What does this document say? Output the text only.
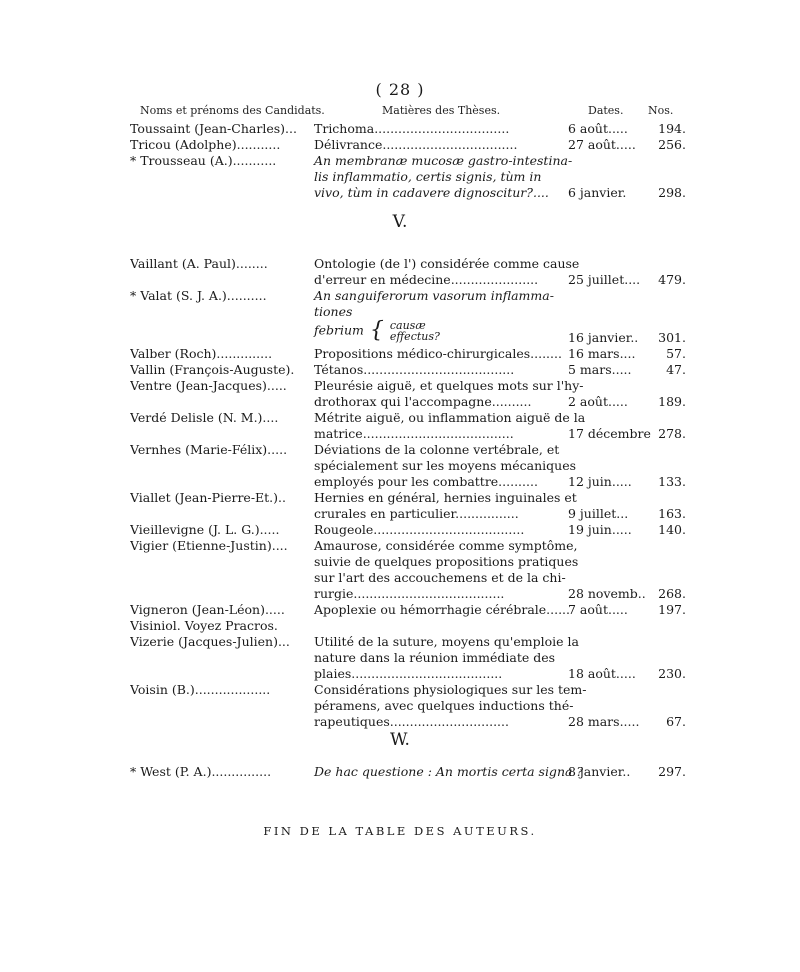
( 28 )
Noms et prénoms des Candidats.	Matières des Thèses.	Dates. Nos.
Toussaint (Jean-Charles)...	Trichoma..................................	6 août.....	194.
Tricou (Adolphe)...........	Délivrance..................................	27 août.....	256.
* Trousseau (A.)...........	An membranæ mucosæ gastro-intestina-
lis inflammatio, certis signis, tùm in
vivo, tùm in cadavere dignoscitur?....	6 janvier.	298.
V.
Vaillant (A. Paul)........	Ontologie (de l') considérée comme cause
d'erreur en médecine......................	25 juillet....	479.
* Valat (S. J. A.)..........	An sanguiferorum vasorum inflamma-
tiones
febrium { causæ
effectus?	16 janvier..	301.
Valber (Roch)..............	Propositions médico-chirurgicales........ 16 mars....	57.
Vallin (François-Auguste).	Tétanos......................................	5 mars.....	47.
Ventre (Jean-Jacques).....	Pleurésie aiguë, et quelques mots sur l'hy-
drothorax qui l'accompagne..........	2 août.....	189.
Verdé Delisle (N. M.)....	Métrite aiguë, ou inflammation aiguë de la
matrice......................................	17 décembre 278.
Vernhes (Marie-Félix).....	Déviations de la colonne vertébrale, et
spécialement sur les moyens mécaniques
employés pour les combattre..........	12 juin.....	133.
Viallet (Jean-Pierre-Et.)..	Hernies en général, hernies inguinales et
crurales en particulier................	9 juillet...	163.
Vieillevigne (J. L. G.).....	Rougeole......................................	19 juin.....	140.
Vigier (Etienne-Justin)....	Amaurose, considérée comme symptôme,
suivie de quelques propositions pratiques
sur l'art des accouchemens et de la chi-
rurgie......................................	28 novemb.. 268.
Vigneron (Jean-Léon).....	Apoplexie ou hémorrhagie cérébrale......
7 août.....	197.
Visiniol. Voyez Pracros.
Vizerie (Jacques-Julien)...	Utilité de la suture, moyens qu'emploie la
nature dans la réunion immédiate des
plaies......................................	18 août.....	230.
Voisin (B.)...................	Considérations physiologiques sur les tem-
péramens, avec quelques inductions thé-
rapeutiques..............................	28 mars.....	67.
W.
* West (P. A.)...............	De hac questione : An mortis certa signa ?
8 janvier..	297.
FIN DE LA TABLE DES AUTEURS.
